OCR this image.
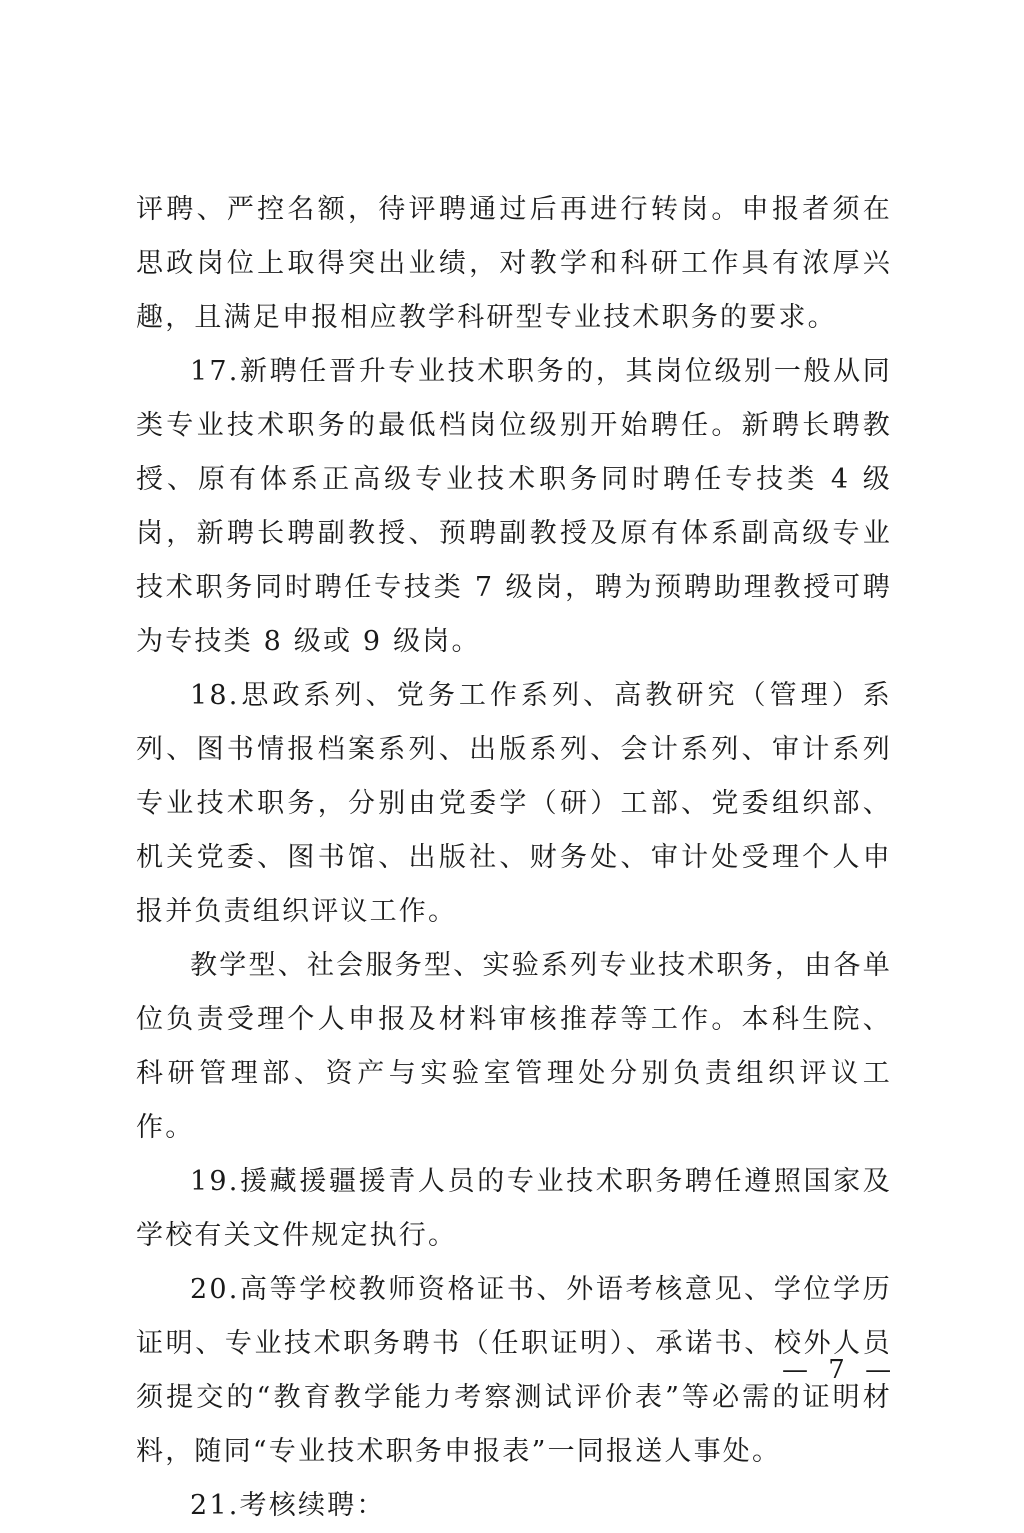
评聘、严控名额，待评聘通过后再进行转岗。申报者须在思政岗位上取得突出业绩，对教学和科研工作具有浓厚兴趣，且满足申报相应教学科研型专业技术职务的要求。

17.新聘任晋升专业技术职务的，其岗位级别一般从同类专业技术职务的最低档岗位级别开始聘任。新聘长聘教授、原有体系正高级专业技术职务同时聘任专技类 4 级岗，新聘长聘副教授、预聘副教授及原有体系副高级专业技术职务同时聘任专技类 7 级岗，聘为预聘助理教授可聘为专技类 8 级或 9 级岗。

18.思政系列、党务工作系列、高教研究（管理）系列、图书情报档案系列、出版系列、会计系列、审计系列专业技术职务，分别由党委学（研）工部、党委组织部、机关党委、图书馆、出版社、财务处、审计处受理个人申报并负责组织评议工作。

教学型、社会服务型、实验系列专业技术职务，由各单位负责受理个人申报及材料审核推荐等工作。本科生院、科研管理部、资产与实验室管理处分别负责组织评议工作。

19.援藏援疆援青人员的专业技术职务聘任遵照国家及学校有关文件规定执行。

20.高等学校教师资格证书、外语考核意见、学位学历证明、专业技术职务聘书（任职证明）、承诺书、校外人员须提交的“教育教学能力考察测试评价表”等必需的证明材料，随同“专业技术职务申报表”一同报送人事处。

21.考核续聘：

— 7 —
